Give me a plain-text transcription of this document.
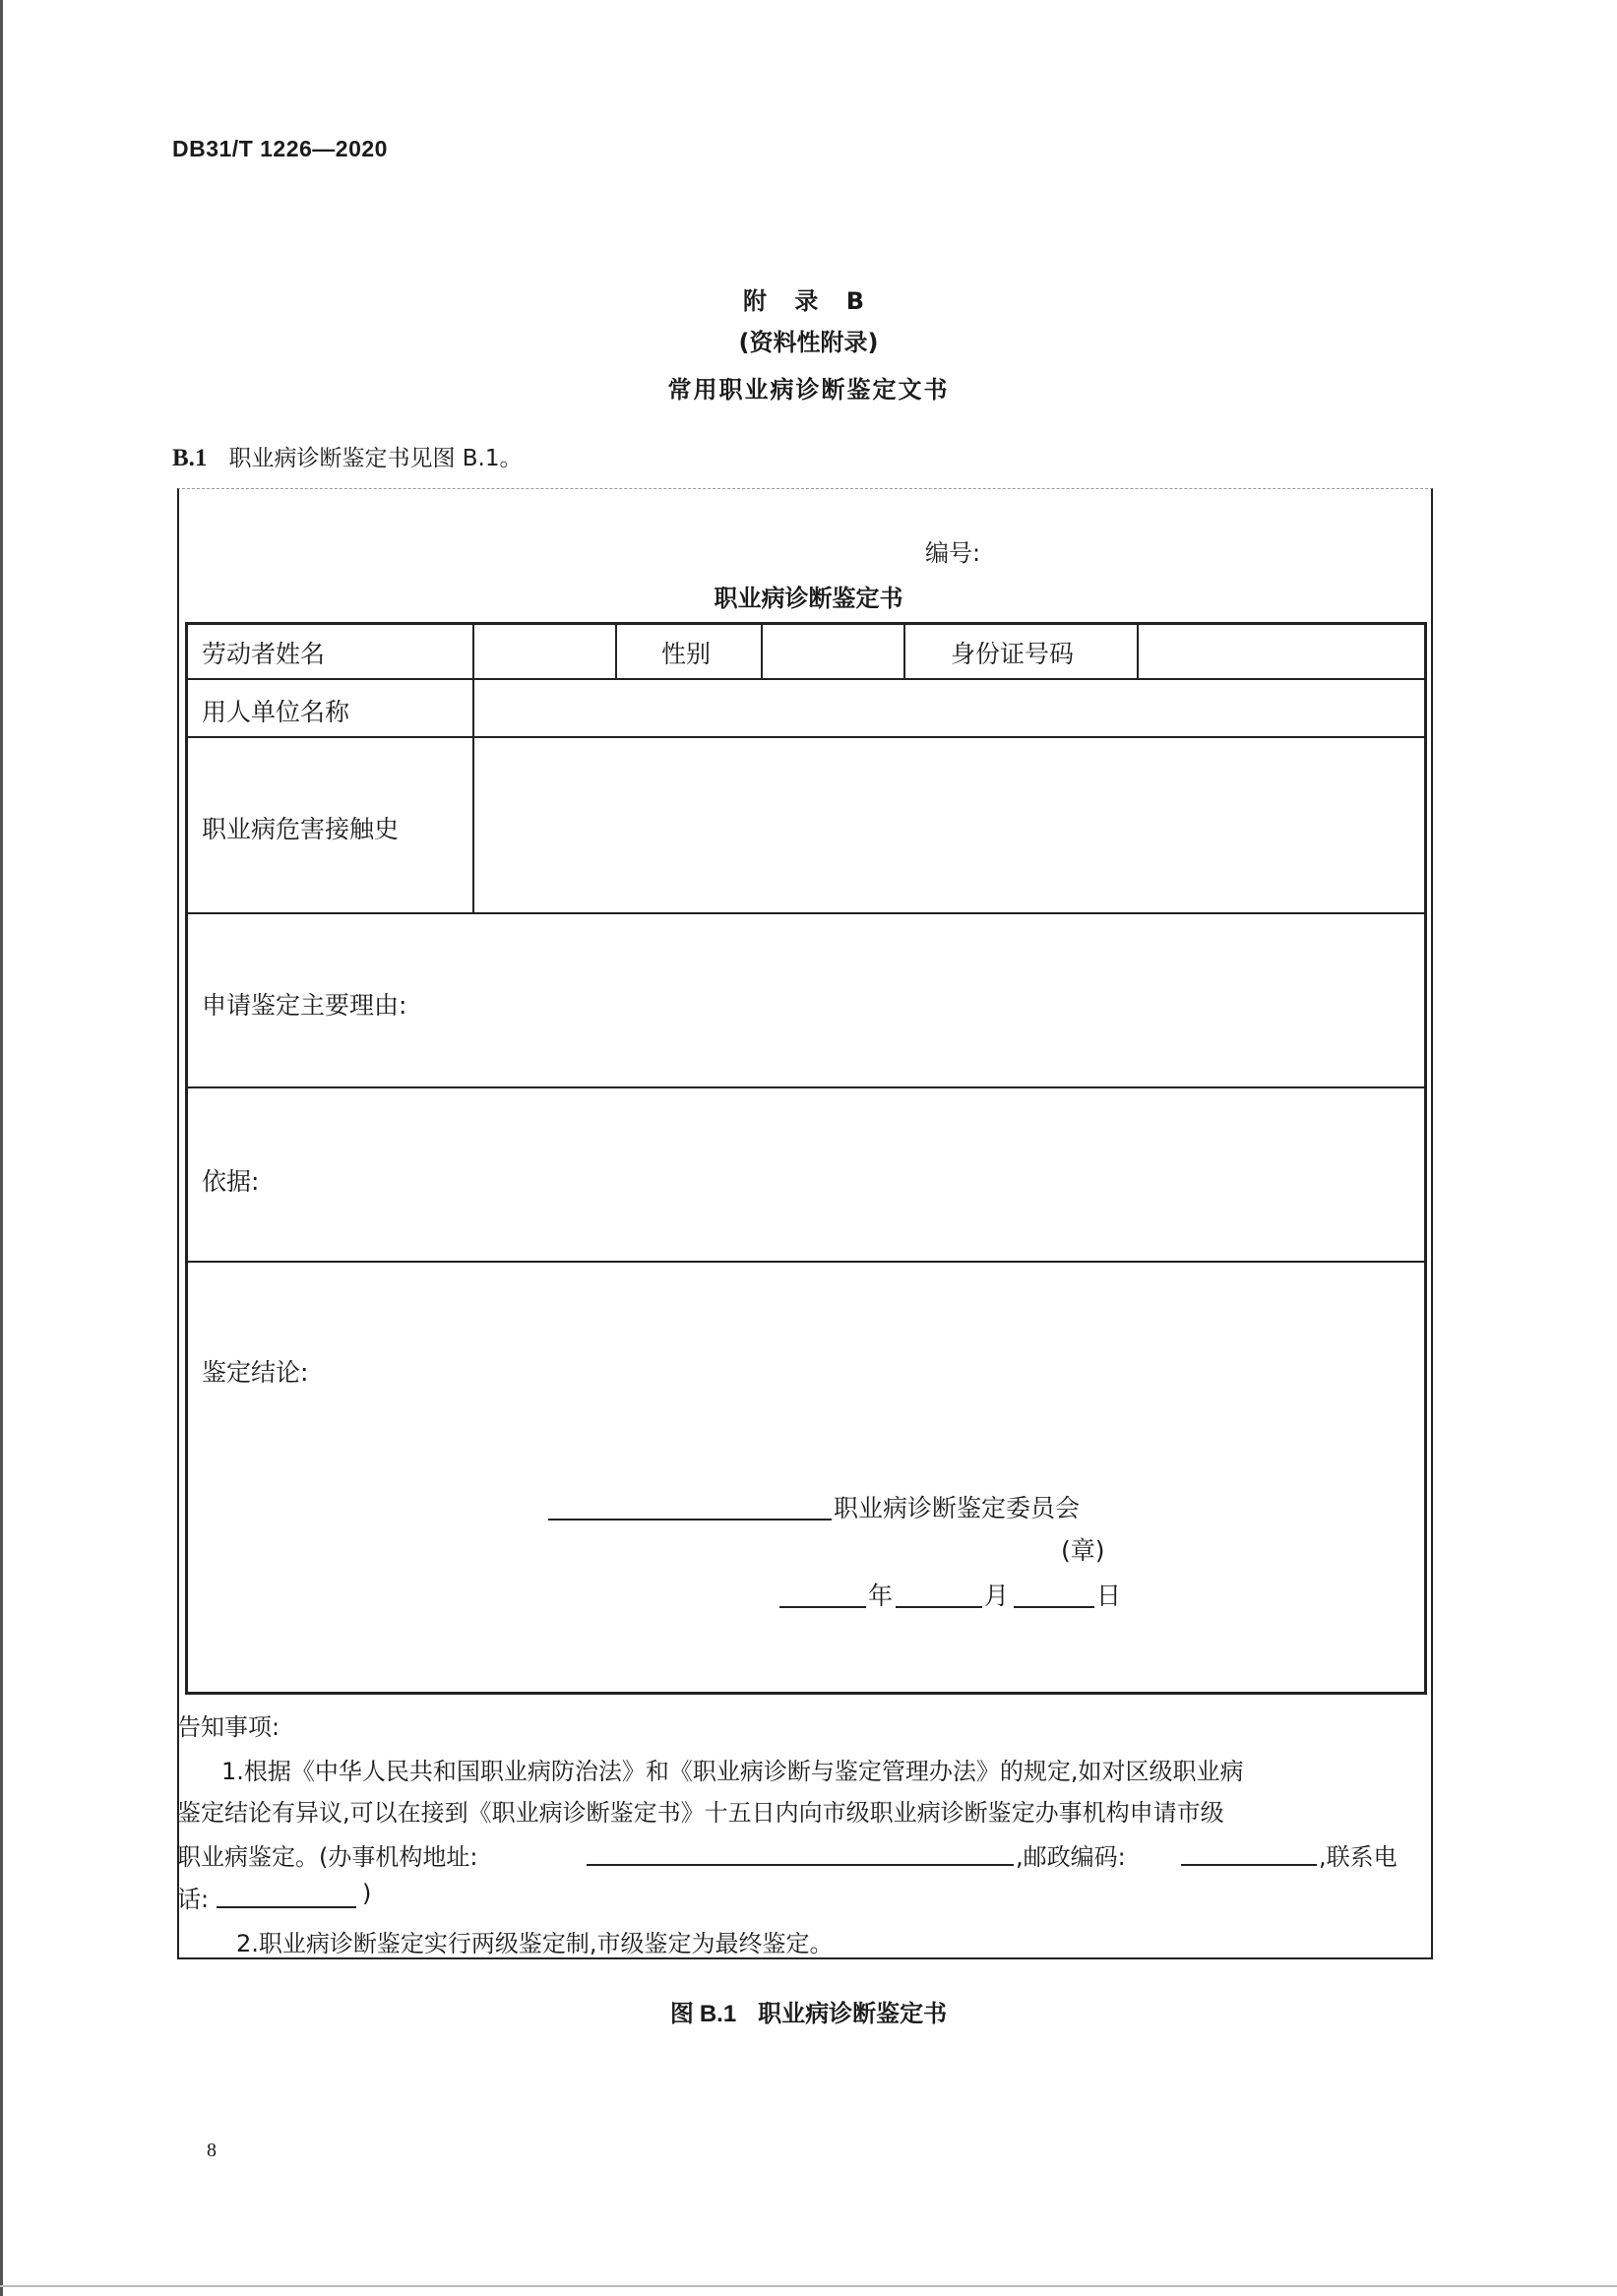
DB31/T 1226—2020
附 录 B
(资料性附录)
常用职业病诊断鉴定文书
B.1 职业病诊断鉴定书见图 B.1。
编号:
职业病诊断鉴定书
劳动者姓名	性别	身份证号码
用人单位名称
职业病危害接触史
申请鉴定主要理由:
依据:
鉴定结论:
职业病诊断鉴定委员会
(章)
年	月	日
告知事项:
1.根据《中华人民共和国职业病防治法》和《职业病诊断与鉴定管理办法》的规定,如对区级职业病
鉴定结论有异议,可以在接到《职业病诊断鉴定书》十五日内向市级职业病诊断鉴定办事机构申请市级
职业病鉴定。(办事机构地址:	,邮政编码:	,联系电
话:	)
2.职业病诊断鉴定实行两级鉴定制,市级鉴定为最终鉴定。
图 B.1 职业病诊断鉴定书
8
